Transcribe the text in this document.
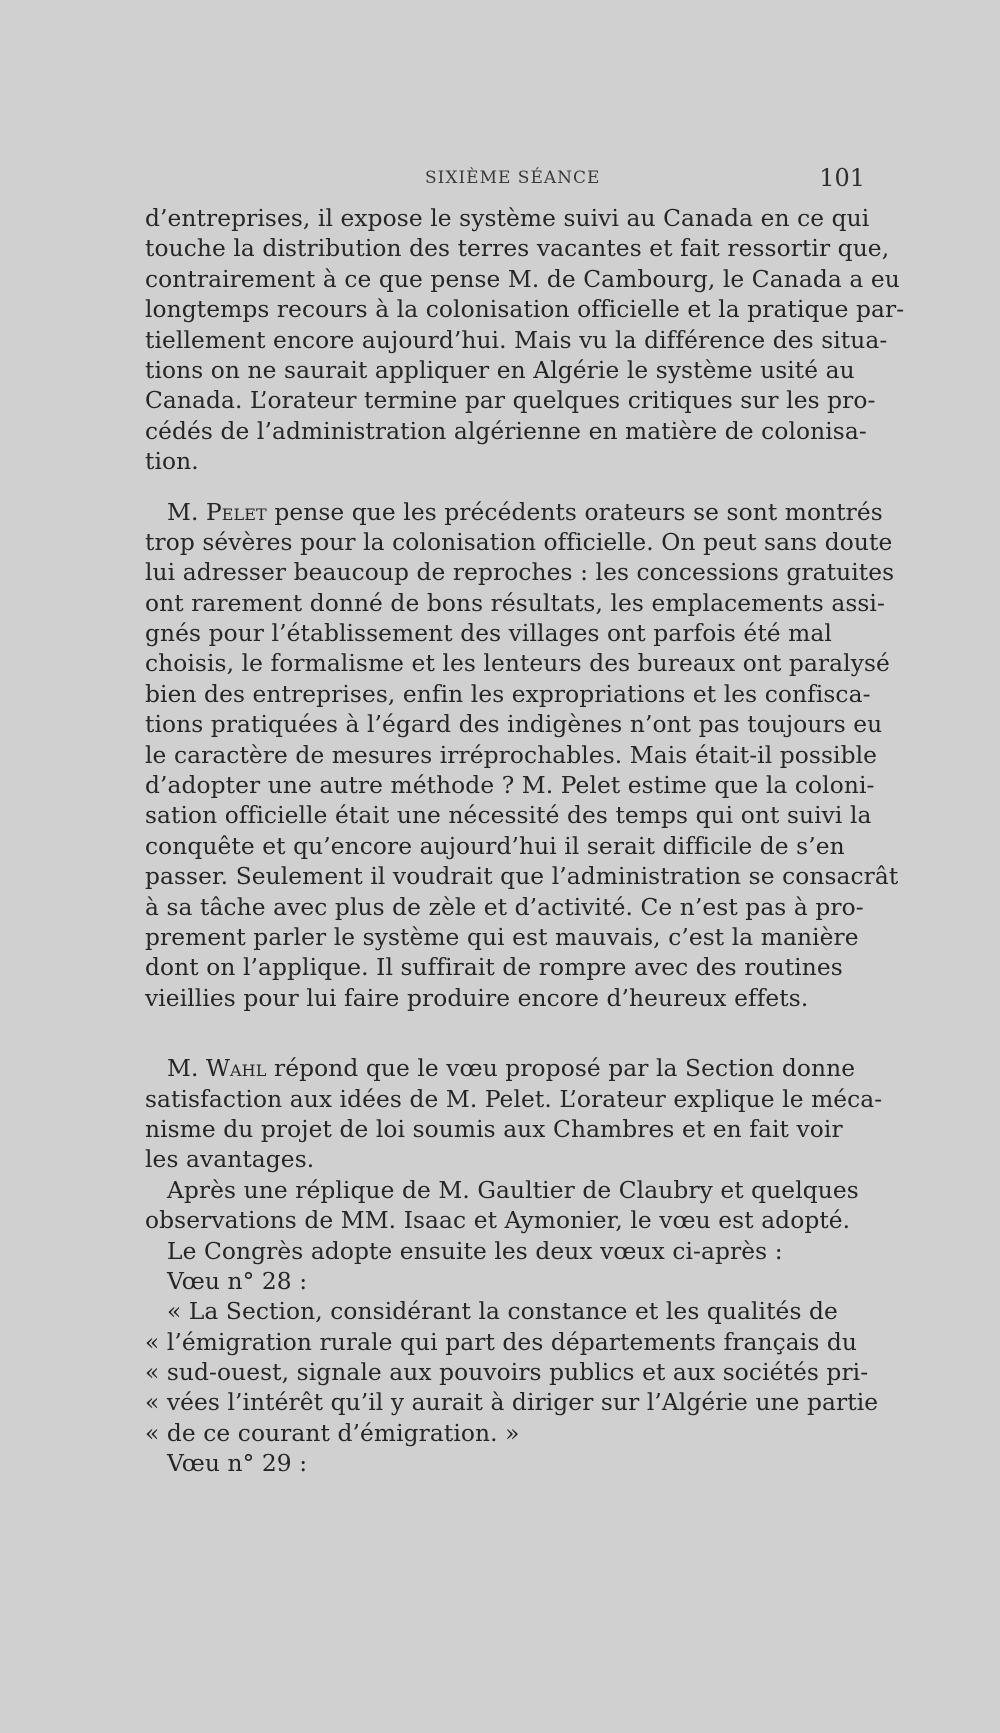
SIXIÈME SÉANCE	101
d’entreprises, il expose le système suivi au Canada en ce qui
touche la distribution des terres vacantes et fait ressortir que,
contrairement à ce que pense M. de Cambourg, le Canada a eu
longtemps recours à la colonisation officielle et la pratique par-
tiellement encore aujourd’hui. Mais vu la différence des situa-
tions on ne saurait appliquer en Algérie le système usité au
Canada. L’orateur termine par quelques critiques sur les pro-
cédés de l’administration algérienne en matière de colonisa-
tion.
M. Pelet pense que les précédents orateurs se sont montrés
trop sévères pour la colonisation officielle. On peut sans doute
lui adresser beaucoup de reproches : les concessions gratuites
ont rarement donné de bons résultats, les emplacements assi-
gnés pour l’établissement des villages ont parfois été mal
choisis, le formalisme et les lenteurs des bureaux ont paralysé
bien des entreprises, enfin les expropriations et les confisca-
tions pratiquées à l’égard des indigènes n’ont pas toujours eu
le caractère de mesures irréprochables. Mais était-il possible
d’adopter une autre méthode ? M. Pelet estime que la coloni-
sation officielle était une nécessité des temps qui ont suivi la
conquête et qu’encore aujourd’hui il serait difficile de s’en
passer. Seulement il voudrait que l’administration se consacrât
à sa tâche avec plus de zèle et d’activité. Ce n’est pas à pro-
prement parler le système qui est mauvais, c’est la manière
dont on l’applique. Il suffirait de rompre avec des routines
vieillies pour lui faire produire encore d’heureux effets.
M. Wahl répond que le vœu proposé par la Section donne
satisfaction aux idées de M. Pelet. L’orateur explique le méca-
nisme du projet de loi soumis aux Chambres et en fait voir
les avantages.
Après une réplique de M. Gaultier de Claubry et quelques
observations de MM. Isaac et Aymonier, le vœu est adopté.
Le Congrès adopte ensuite les deux vœux ci-après :
Vœu n° 28 :
« La Section, considérant la constance et les qualités de
« l’émigration rurale qui part des départements français du
« sud-ouest, signale aux pouvoirs publics et aux sociétés pri-
« vées l’intérêt qu’il y aurait à diriger sur l’Algérie une partie
« de ce courant d’émigration. »
Vœu n° 29 :
